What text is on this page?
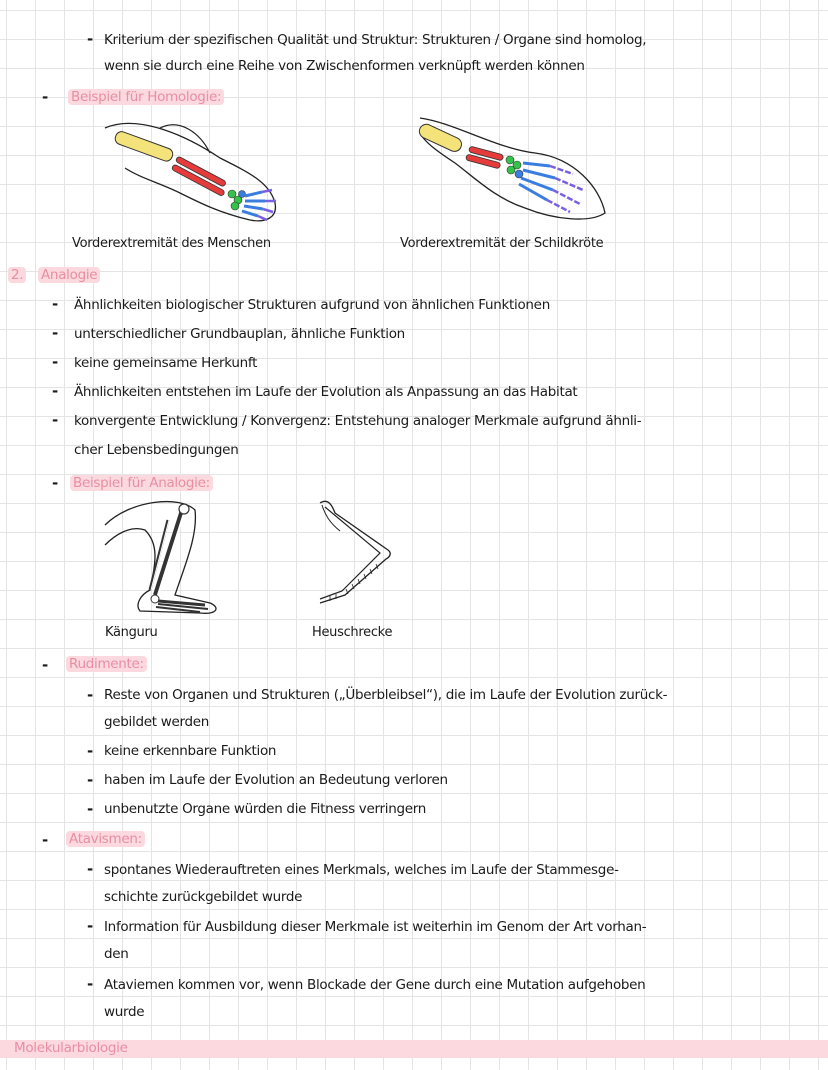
- Kriterium der spezifischen Qualität und Struktur: Strukturen / Organe sind homolog,
wenn sie durch eine Reihe von Zwischenformen verknüpft werden können
- Beispiel für Homologie:
Vorderextremität des Menschen	Vorderextremität der Schildkröte
2. Analogie
- Ähnlichkeiten biologischer Strukturen aufgrund von ähnlichen Funktionen
- unterschiedlicher Grundbauplan, ähnliche Funktion
- keine gemeinsame Herkunft
- Ähnlichkeiten entstehen im Laufe der Evolution als Anpassung an das Habitat
- konvergente Entwicklung / Konvergenz: Entstehung analoger Merkmale aufgrund ähnli-
cher Lebensbedingungen
- Beispiel für Analogie:
Känguru	Heuschrecke
- Rudimente:
- Reste von Organen und Strukturen („Überbleibsel“), die im Laufe der Evolution zurück-
gebildet werden
- keine erkennbare Funktion
- haben im Laufe der Evolution an Bedeutung verloren
- unbenutzte Organe würden die Fitness verringern
- Atavismen:
- spontanes Wiederauftreten eines Merkmals, welches im Laufe der Stammesge-
schichte zurückgebildet wurde
- Information für Ausbildung dieser Merkmale ist weiterhin im Genom der Art vorhan-
den
- Ataviemen kommen vor, wenn Blockade der Gene durch eine Mutation aufgehoben
wurde
Molekularbiologie
